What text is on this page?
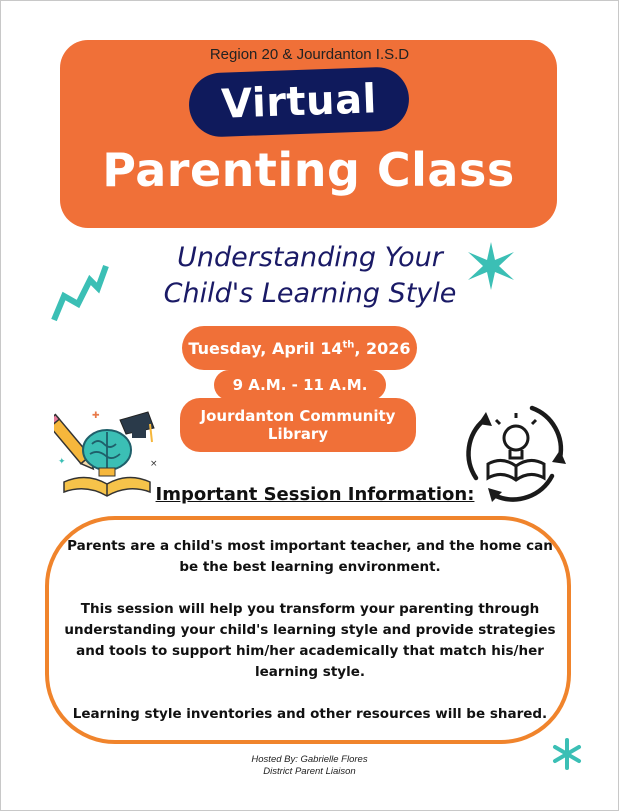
Region 20 & Jourdanton I.S.D
Virtual
Parenting Class
Understanding Your
Child's Learning Style
Tuesday, April 14th, 2026
9 A.M. - 11 A.M.
Jourdanton Community
Library
✦	×
✚
Important Session Information:

Parents are a child's most important teacher, and the home can be the best learning environment.

This session will help you transform your parenting through understanding your child's learning style and provide strategies and tools to support him/her academically that match his/her learning style.

Learning style inventories and other resources will be shared.

Hosted By: Gabrielle Flores
District Parent Liaison
